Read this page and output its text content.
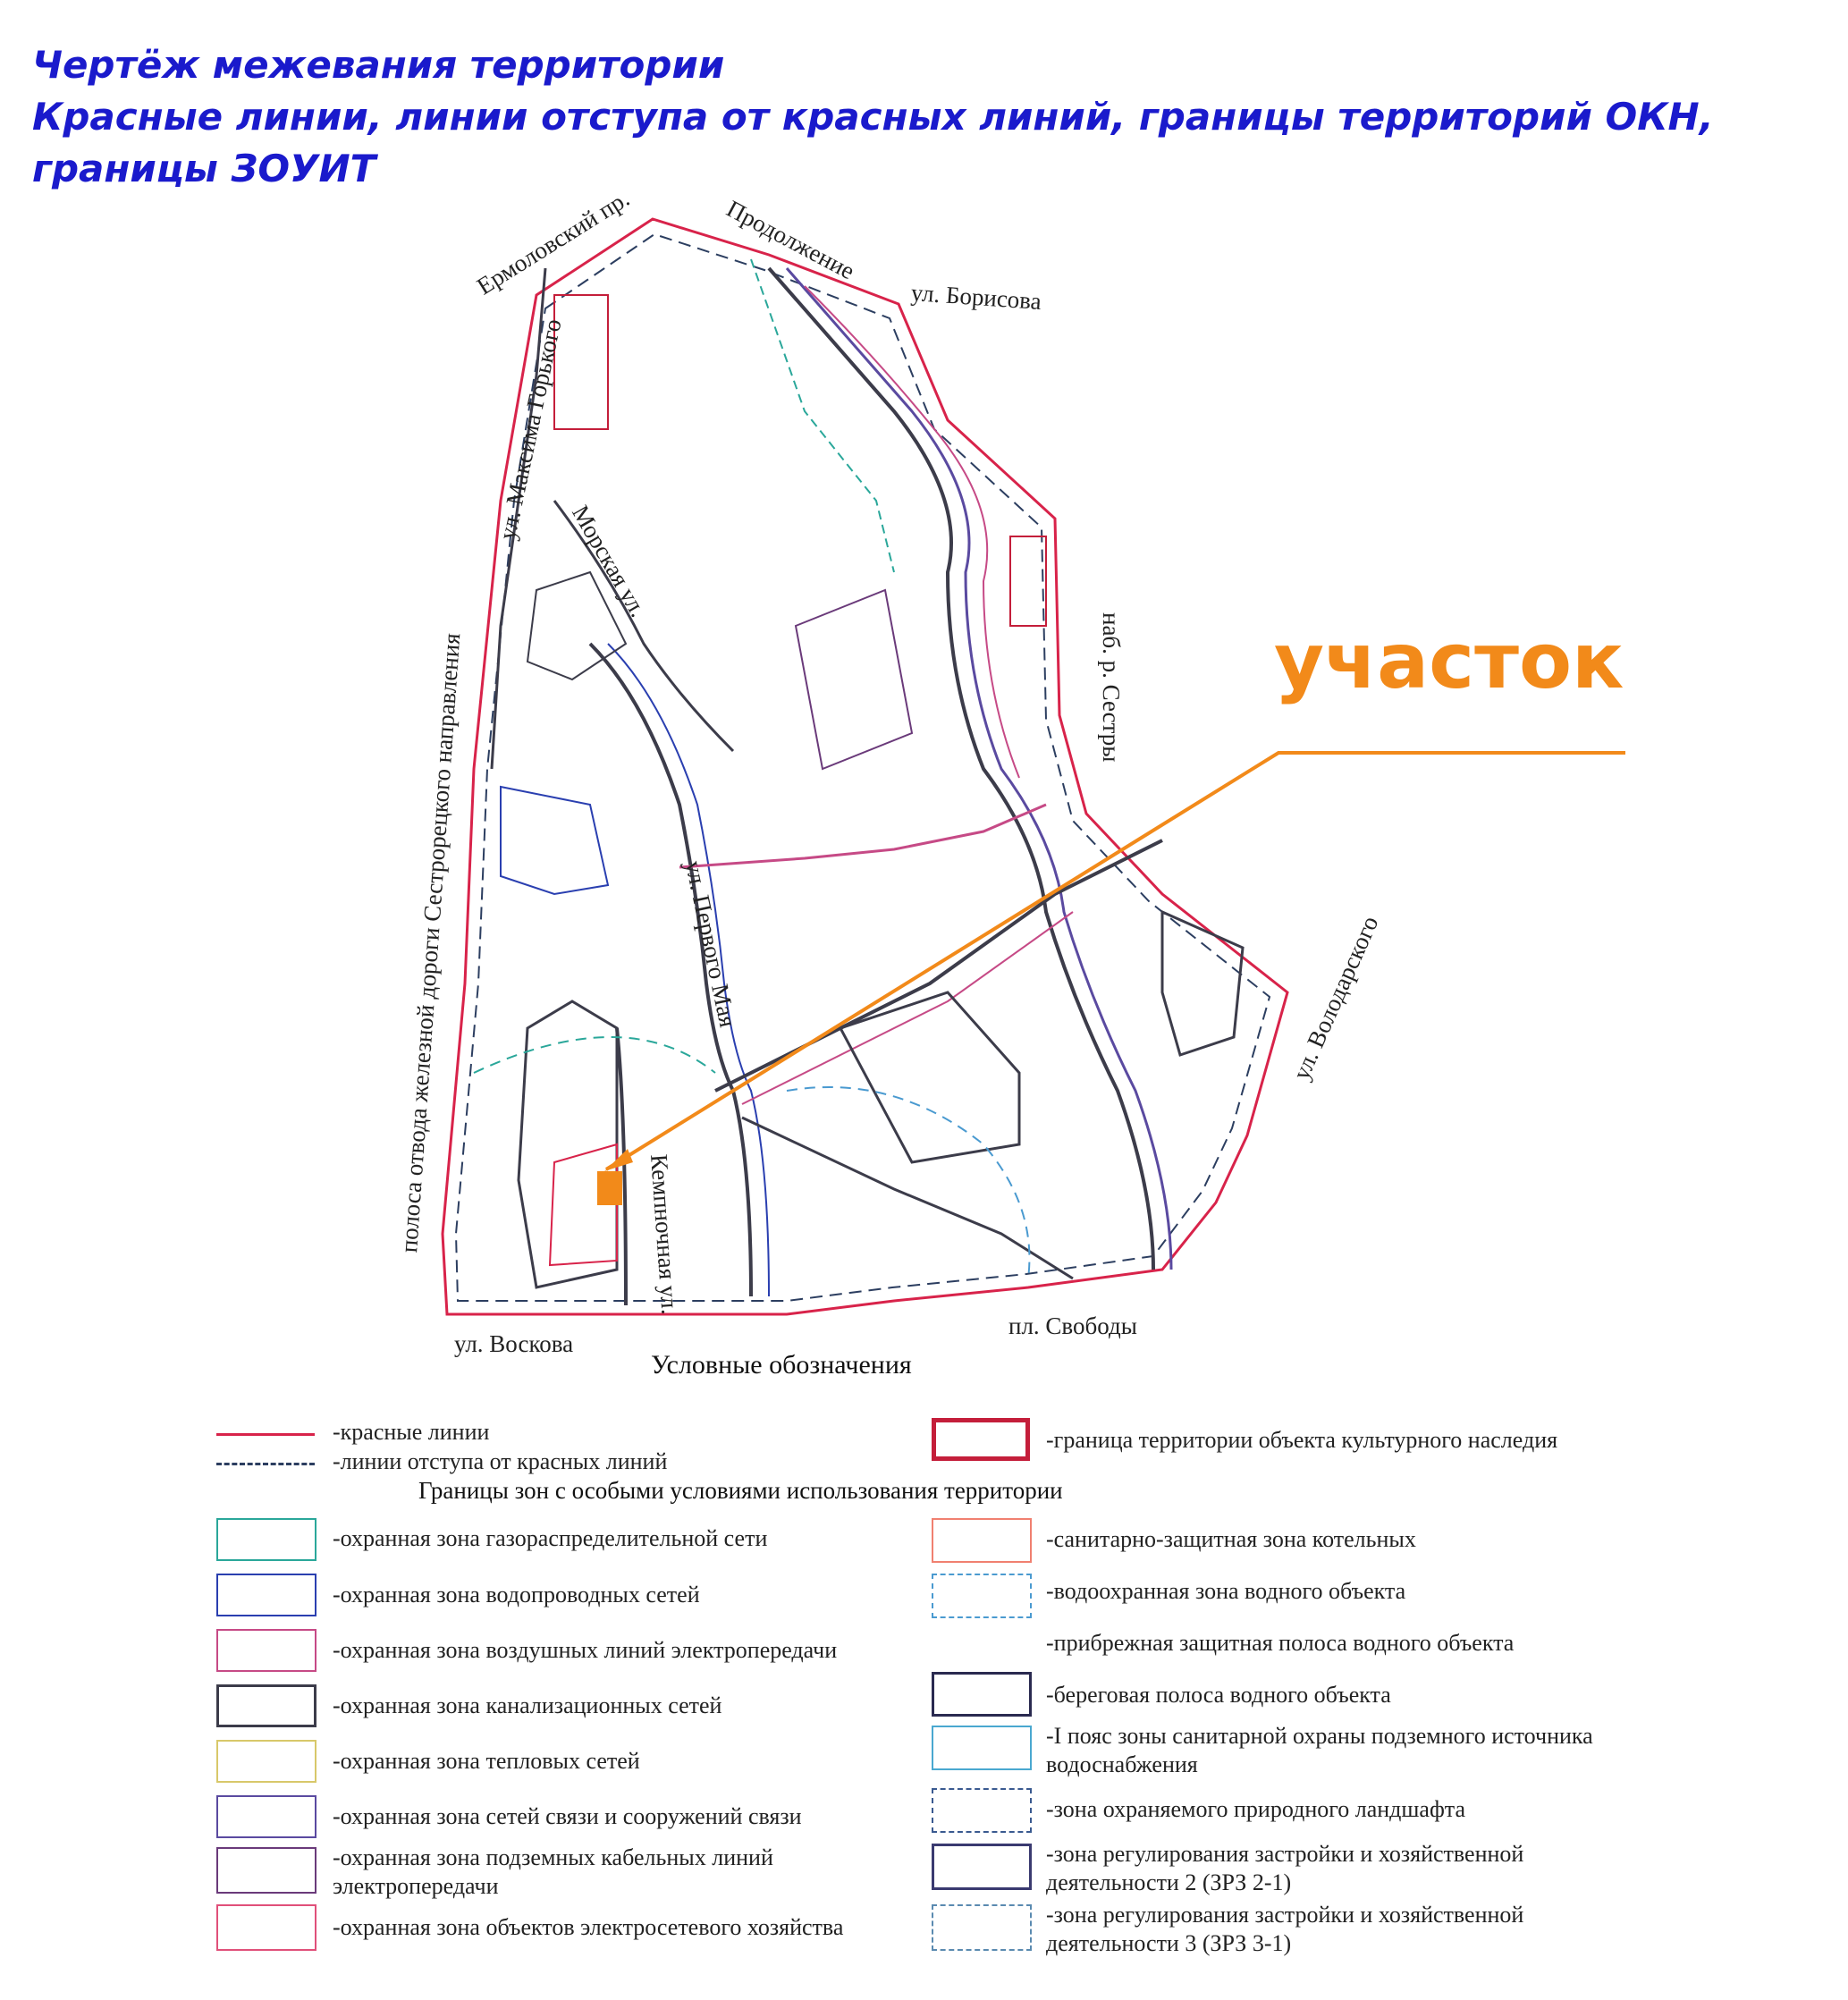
Чертёж межевания территории
Красные линии, линии отступа от красных линий, границы территорий ОКН,
границы ЗОУИТ
Ермоловский пр.	Продолжение
ул. Борисова
ул. Максима Горького
полоса отвода железной дороги Сестрорецкого направления
Морская ул.
ул. Первого Мая
наб. р. Сестры
ул. Володарского
Кемпночная ул.
ул. Воскова
пл. Свободы
участок
Условные обозначения
-красные линии
-линии отступа от красных линий
-граница территории объекта культурного наследия
Границы зон с особыми условиями использования территории
-охранная зона газораспределительной сети
-охранная зона водопроводных сетей
-охранная зона воздушных линий электропередачи
-охранная зона канализационных сетей
-охранная зона тепловых сетей
-охранная зона сетей связи и сооружений связи
-охранная зона подземных кабельных линий электропередачи
-охранная зона объектов электросетевого хозяйства
-санитарно-защитная зона котельных
-водоохранная зона водного объекта
-прибрежная защитная полоса водного объекта
-береговая полоса водного объекта
-I пояс зоны санитарной охраны подземного источника водоснабжения
-зона охраняемого природного ландшафта
-зона регулирования застройки и хозяйственной деятельности 2 (ЗРЗ 2-1)
-зона регулирования застройки и хозяйственной деятельности 3 (ЗРЗ 3-1)
